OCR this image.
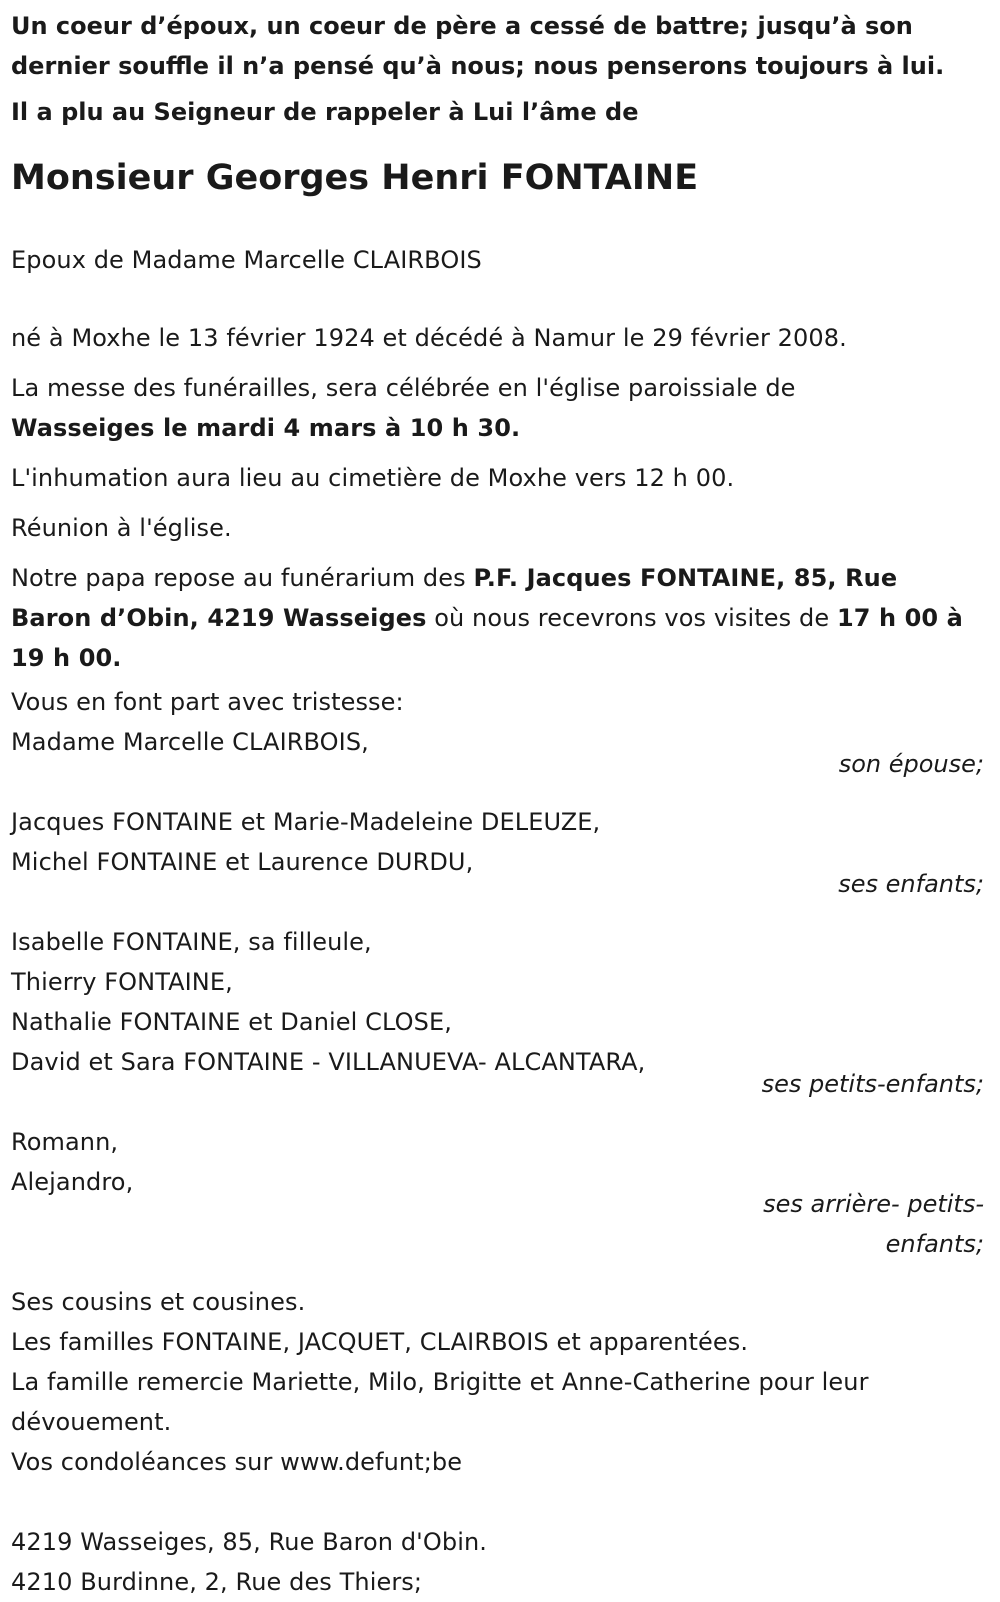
Un coeur d’époux, un coeur de père a cessé de battre; jusqu’à son
dernier souffle il n’a pensé qu’à nous; nous penserons toujours à lui.
Il a plu au Seigneur de rappeler à Lui l’âme de
Monsieur Georges Henri FONTAINE
Epoux de Madame Marcelle CLAIRBOIS
né à Moxhe le 13 février 1924 et décédé à Namur le 29 février 2008.
La messe des funérailles, sera célébrée en l'église paroissiale de
Wasseiges le mardi 4 mars à 10 h 30.
L'inhumation aura lieu au cimetière de Moxhe vers 12 h 00.
Réunion à l'église.
Notre papa repose au funérarium des P.F. Jacques FONTAINE, 85, Rue
Baron d’Obin, 4219 Wasseiges où nous recevrons vos visites de 17 h 00 à
19 h 00.
Vous en font part avec tristesse:
Madame Marcelle CLAIRBOIS,
son épouse;
Jacques FONTAINE et Marie-Madeleine DELEUZE,
Michel FONTAINE et Laurence DURDU,
ses enfants;
Isabelle FONTAINE, sa filleule,
Thierry FONTAINE,
Nathalie FONTAINE et Daniel CLOSE,
David et Sara FONTAINE - VILLANUEVA- ALCANTARA,
ses petits-enfants;
Romann,
Alejandro,
ses arrière- petits-
enfants;
Ses cousins et cousines.
Les familles FONTAINE, JACQUET, CLAIRBOIS et apparentées.
La famille remercie Mariette, Milo, Brigitte et Anne-Catherine pour leur
dévouement.
Vos condoléances sur www.defunt;be
4219 Wasseiges, 85, Rue Baron d'Obin.
4210 Burdinne, 2, Rue des Thiers;
